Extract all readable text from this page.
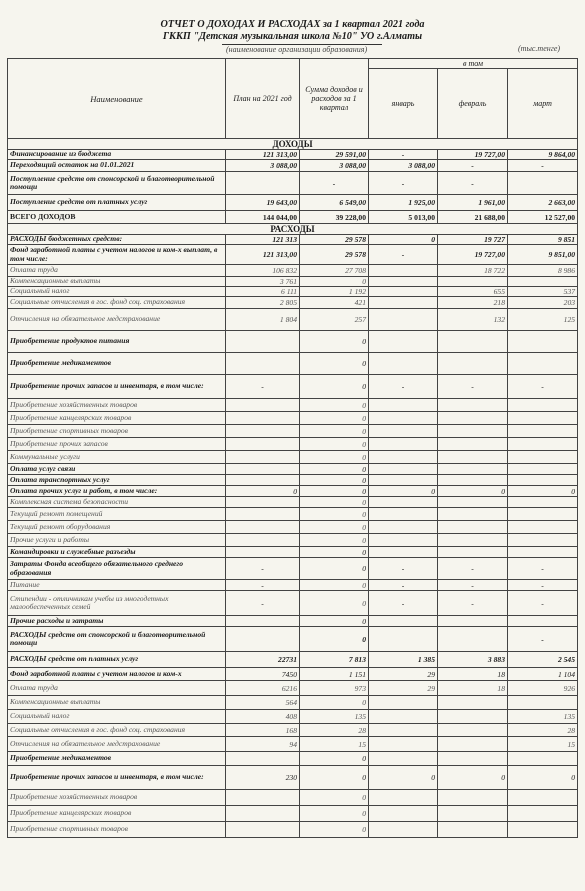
ОТЧЕТ О ДОХОДАХ И РАСХОДАХ за 1 квартал 2021 года
ГККП "Детская музыкальная школа №10" УО г.Алматы
(наименование организации образования)	(тыс.тенге)
Наименование	План на 2021 год	Сумма доходов и расходов за 1 квартал	в том		
			январь	февраль	март
ДОХОДЫ					
Финансирование из бюджета	121 313,00	29 591,00	-	19 727,00	9 864,00
Переходящий остаток на 01.01.2021	3 088,00	3 088,00	3 088,00	-	-
Поступление средств от спонсорской и благотворительной помощи		-	-	-	
Поступление средств от платных услуг	19 643,00	6 549,00	1 925,00	1 961,00	2 663,00
ВСЕГО ДОХОДОВ	144 044,00	39 228,00	5 013,00	21 688,00	12 527,00
РАСХОДЫ					
РАСХОДЫ бюджетных средств:	121 313	29 578	0	19 727	9 851
Фонд заработной платы с учетом налогов и ком-х выплат, в том числе:	121 313,00	29 578	-	19 727,00	9 851,00
Оплата труда	106 832	27 708		18 722	8 986
Компенсационные выплаты	3 761	0			
Социальный налог	6 111	1 192		655	537
Социальные отчисления в гос. фонд соц. страхования	2 805	421		218	203
Отчисления на обязательное медстрахование	1 804	257		132	125
Приобретение продуктов питания		0			
Приобретение медикаментов		0			
Приобретение прочих запасов и инвентаря, в том числе:	-	0	-	-	-
Приобретение хозяйственных товаров		0			
Приобретение канцелярских товаров		0			
Приобретение спортивных товаров		0			
Приобретение прочих запасов		0			
Коммунальные услуги		0			
Оплата услуг связи		0			
Оплата транспортных услуг		0			
Оплата прочих услуг и работ, в том числе:	0	0	0	0	0
Комплексная система безопасности		0			
Текущий ремонт помещений		0			
Текущий ремонт оборудования		0			
Прочие услуги и работы		0			
Командировки и служебные разъезды		0			
Затраты Фонда всеобщего обязательного среднего образования	-	0	-	-	-
Питание	-	0	-	-	-
Стипендии - отличникам учебы из многодетных малообеспеченных семей	-	0	-	-	-
Прочие расходы и затраты		0			
РАСХОДЫ средств от спонсорской и благотворительной помощи		0			-
РАСХОДЫ средств от платных услуг	22731	7 813	1 385	3 883	2 545
Фонд заработной платы с учетом налогов и ком-х	7450	1 151	29	18	1 104
Оплата труда	6216	973	29	18	926
Компенсационные выплаты	564	0			
Социальный налог	408	135			135
Социальные отчисления в гос. фонд соц. страхования	168	28			28
Отчисления на обязательное медстрахование	94	15			15
Приобретение медикаментов		0			
Приобретение прочих запасов и инвентаря, в том числе:	230	0	0	0	0
Приобретение хозяйственных товаров		0			
Приобретение канцелярских товаров		0			
Приобретение спортивных товаров		0			
